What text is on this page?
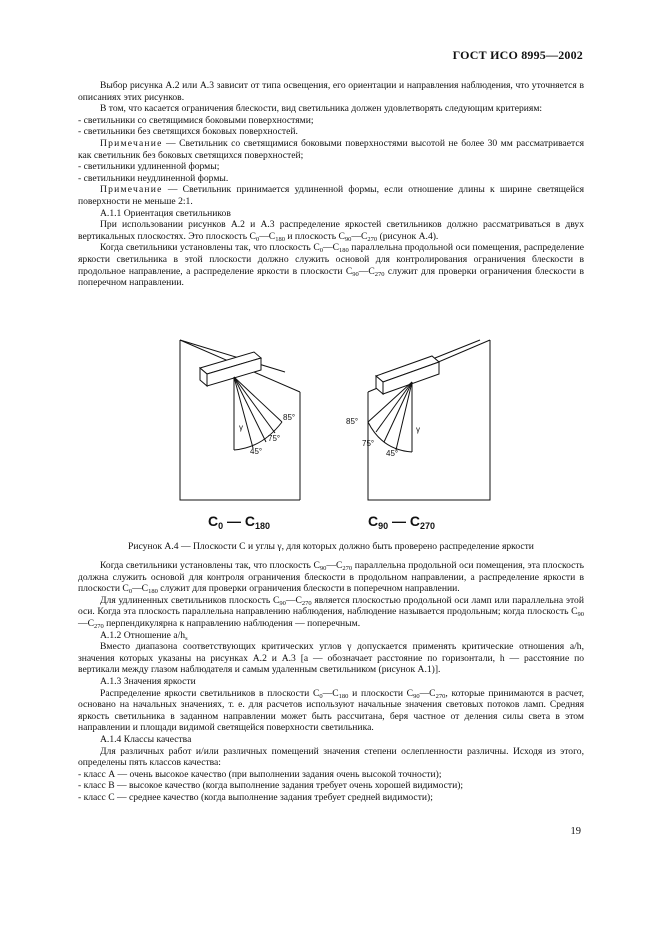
ГОСТ ИСО 8995—2002

Выбор рисунка А.2 или А.3 зависит от типа освещения, его ориентации и направления наблюдения, что уточняется в описаниях этих рисунков.

В том, что касается ограничения блескости, вид светильника должен удовлетворять следующим критериям:

- светильники со светящимися боковыми поверхностями;

- светильники без светящихся боковых поверхностей.

Примечание — Светильник со светящимися боковыми поверхностями высотой не более 30 мм рассматривается как светильник без боковых светящихся поверхностей;

- светильники удлиненной формы;

- светильники неудлиненной формы.

Примечание — Светильник принимается удлиненной формы, если отношение длины к ширине светящейся поверхности не меньше 2:1.

А.1.1 Ориентация светильников

При использовании рисунков А.2 и А.3 распределение яркостей светильников должно рассматриваться в двух вертикальных плоскостях. Это плоскость $С_0—С_{180}$ и плоскость $С_{90}—С_{270}$ (рисунок А.4).

Когда светильники установлены так, что плоскость $С_0—С_{180}$ параллельна продольной оси помещения, распределение яркости светильника в этой плоскости должно служить основой для контролирования ограничения блескости в продольное направление, а распределение яркости в плоскости $С_{90}—С_{270}$ служит для проверки ограничения блескости в поперечном направлении.

γ
45°
75°
85°
γ
45°
75°
85°
$C_0$ — $C_{180}$	$C_{90}$ — $C_{270}$
Рисунок А.4 — Плоскости С и углы γ, для которых должно быть проверено распределение яркости

Когда светильники установлены так, что плоскость $С_{90}—С_{270}$ параллельна продольной оси помещения, эта плоскость должна служить основой для контроля ограничения блескости в продольном направлении, а распределение яркости в плоскости $С_0—С_{180}$ служит для проверки ограничения блескости в поперечном направлении.

Для удлиненных светильников плоскость $С_{90}—С_{270}$ является плоскостью продольной оси ламп или параллельна этой оси. Когда эта плоскость параллельна направлению наблюдения, наблюдение называется продольным; когда плоскость $С_{90}—С_{270}$ перпендикулярна к направлению наблюдения — поперечным.

А.1.2 Отношение $a/h_s$

Вместо диапазона соответствующих критических углов γ допускается применять критические отношения a/h, значения которых указаны на рисунках А.2 и А.3 [a — обозначает расстояние по горизонтали, h — расстояние по вертикали между глазом наблюдателя и самым удаленным светильником (рисунок А.1)].

А.1.3 Значения яркости

Распределение яркости светильников в плоскости $С_0—С_{180}$ и плоскости $С_{90}—С_{270}$, которые принимаются в расчет, основано на начальных значениях, т. е. для расчетов используют начальные значения световых потоков ламп. Средняя яркость светильника в заданном направлении может быть рассчитана, беря частное от деления силы света в этом направлении и площади видимой светящейся поверхности светильника.

А.1.4 Классы качества

Для различных работ и/или различных помещений значения степени ослепленности различны. Исходя из этого, определены пять классов качества:

- класс А — очень высокое качество (при выполнении задания очень высокой точности);

- класс В — высокое качество (когда выполнение задания требует очень хорошей видимости);

- класс С — среднее качество (когда выполнение задания требует средней видимости);

19
